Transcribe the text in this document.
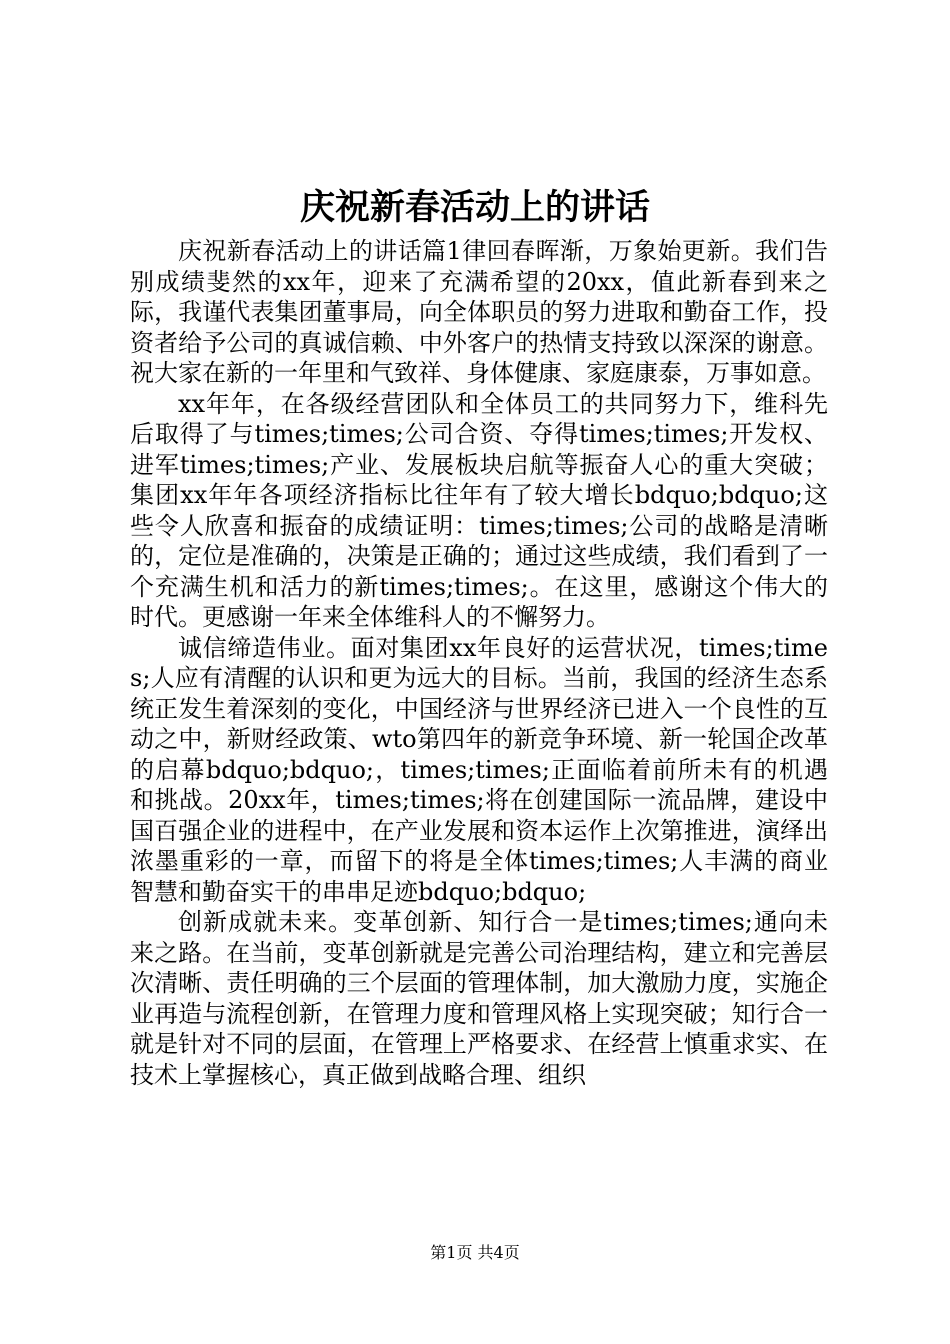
庆祝新春活动上的讲话

庆祝新春活动上的讲话篇1律回春晖渐，万象始更新。我们告别成绩斐然的xx年，迎来了充满希望的20xx，值此新春到来之际，我谨代表集团董事局，向全体职员的努力进取和勤奋工作，投资者给予公司的真诚信赖、中外客户的热情支持致以深深的谢意。祝大家在新的一年里和气致祥、身体健康、家庭康泰，万事如意。

xx年年，在各级经营团队和全体员工的共同努力下，维科先后取得了与times;times;公司合资、夺得times;times;开发权、进军times;times;产业、发展板块启航等振奋人心的重大突破；集团xx年年各项经济指标比往年有了较大增长bdquo;bdquo;这些令人欣喜和振奋的成绩证明：times;times;公司的战略是清晰的，定位是准确的，决策是正确的；通过这些成绩，我们看到了一个充满生机和活力的新times;times;。在这里，感谢这个伟大的时代。更感谢一年来全体维科人的不懈努力。

诚信缔造伟业。面对集团xx年良好的运营状况，times;times;人应有清醒的认识和更为远大的目标。当前，我国的经济生态系统正发生着深刻的变化，中国经济与世界经济已进入一个良性的互动之中，新财经政策、wto第四年的新竞争环境、新一轮国企改革的启幕bdquo;bdquo;，times;times;正面临着前所未有的机遇和挑战。20xx年，times;times;将在创建国际一流品牌，建设中国百强企业的进程中，在产业发展和资本运作上次第推进，演绎出浓墨重彩的一章，而留下的将是全体times;times;人丰满的商业智慧和勤奋实干的串串足迹bdquo;bdquo;

创新成就未来。变革创新、知行合一是times;times;通向未来之路。在当前，变革创新就是完善公司治理结构，建立和完善层次清晰、责任明确的三个层面的管理体制，加大激励力度，实施企业再造与流程创新，在管理力度和管理风格上实现突破；知行合一就是针对不同的层面，在管理上严格要求、在经营上慎重求实、在技术上掌握核心，真正做到战略合理、组织

第1页 共4页
